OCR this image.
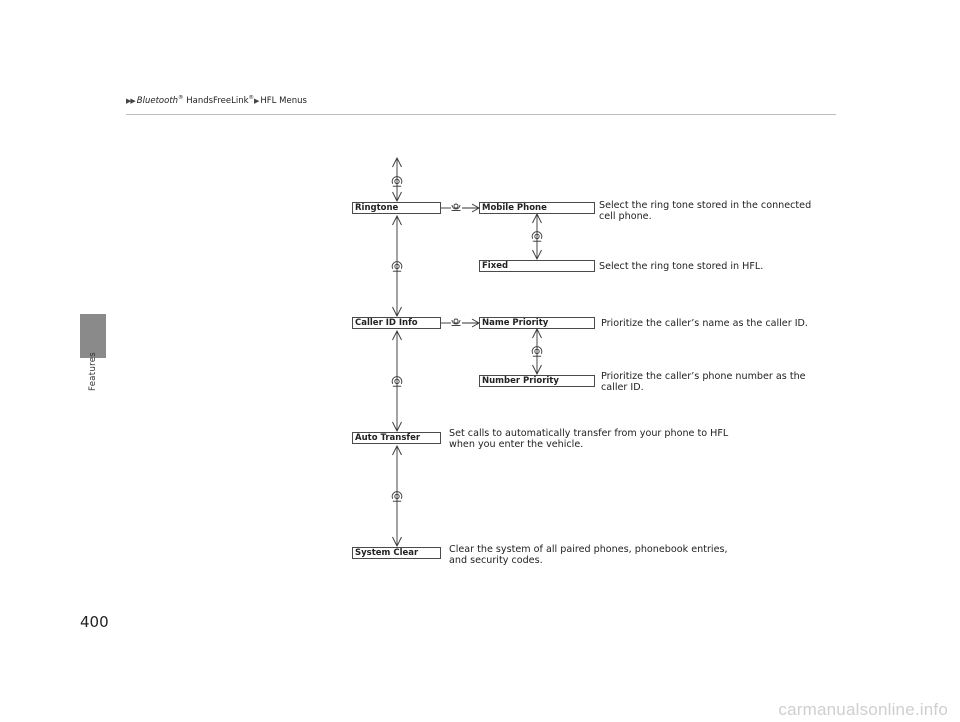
▶▶ Bluetooth® HandsFreeLink®▶ HFL Menus
Features
Ringtone
Caller ID Info
Auto Transfer
System Clear
Mobile Phone
Fixed
Name Priority
Number Priority
Select the ring tone stored in the connected
cell phone.
Select the ring tone stored in HFL.
Prioritize the caller’s name as the caller ID.
Prioritize the caller’s phone number as the
caller ID.
Set calls to automatically transfer from your phone to HFL
when you enter the vehicle.
Clear the system of all paired phones, phonebook entries,
and security codes.
400
carmanualsonline.info
